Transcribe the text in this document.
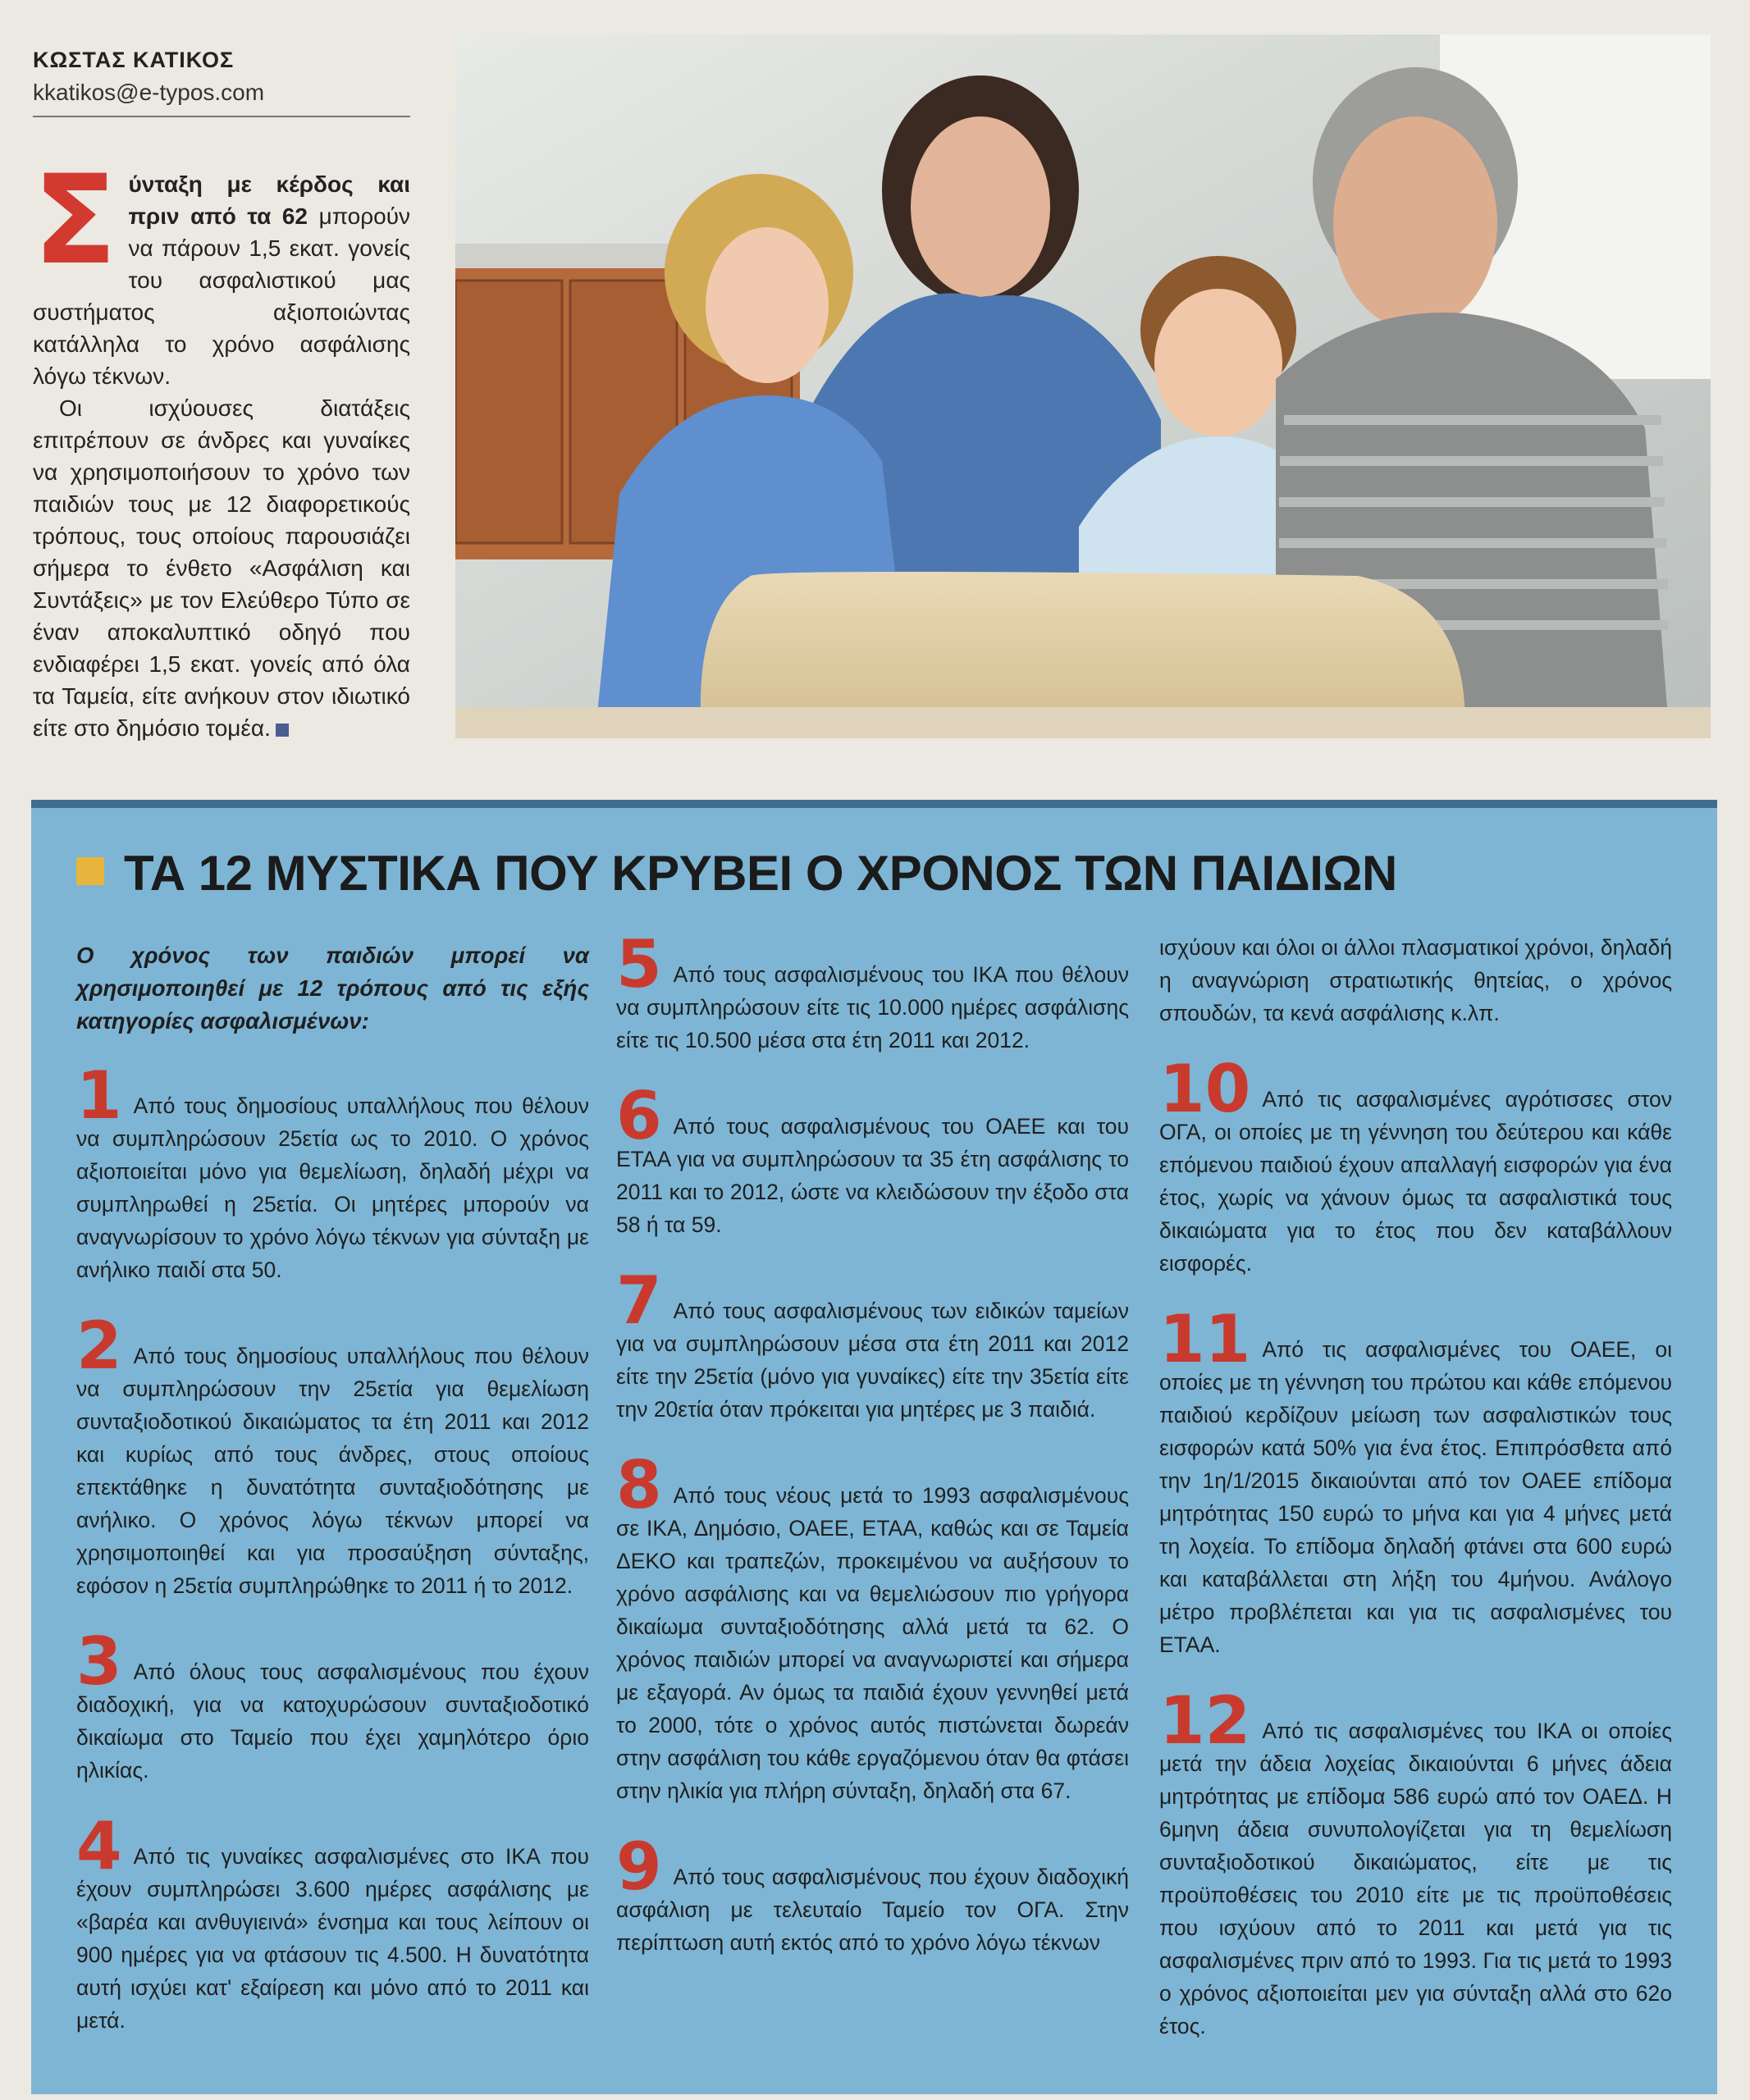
ΚΩΣΤΑΣ ΚΑΤΙΚΟΣ
kkatikos@e-typos.com
Σ ύνταξη με κέρδος και πριν από τα 62 μπορούν να πάρουν 1,5 εκατ. γονείς του ασφαλιστικού μας συστήματος αξιοποιώντας κατάλληλα το χρόνο ασφάλισης λόγω τέκνων.

Οι ισχύουσες διατάξεις επιτρέπουν σε άνδρες και γυναίκες να χρησιμοποιήσουν το χρόνο των παιδιών τους με 12 διαφορετικούς τρόπους, τους οποίους παρουσιάζει σήμερα το ένθετο «Ασφάλιση και Συντάξεις» με τον Ελεύθερο Τύπο σε έναν αποκαλυπτικό οδηγό που ενδιαφέρει 1,5 εκατ. γονείς από όλα τα Ταμεία, είτε ανήκουν στον ιδιωτικό είτε στο δημόσιο τομέα.

ΤΑ 12 ΜΥΣΤΙΚΑ ΠΟΥ ΚΡΥΒΕΙ Ο ΧΡΟΝΟΣ ΤΩΝ ΠΑΙΔΙΩΝ

Ο χρόνος των παιδιών μπορεί να χρησιμοποιηθεί με 12 τρόπους από τις εξής κατηγορίες ασφαλισμένων:

1 Από τους δημοσίους υπαλλήλους που θέλουν να συμπληρώσουν 25ετία ως το 2010. Ο χρόνος αξιοποιείται μόνο για θεμελίωση, δηλαδή μέχρι να συμπληρωθεί η 25ετία. Οι μητέρες μπορούν να αναγνωρίσουν το χρόνο λόγω τέκνων για σύνταξη με ανήλικο παιδί στα 50.
2 Από τους δημοσίους υπαλλήλους που θέλουν να συμπληρώσουν την 25ετία για θεμελίωση συνταξιοδοτικού δικαιώματος τα έτη 2011 και 2012 και κυρίως από τους άνδρες, στους οποίους επεκτάθηκε η δυνατότητα συνταξιοδότησης με ανήλικο. Ο χρόνος λόγω τέκνων μπορεί να χρησιμοποιηθεί και για προσαύξηση σύνταξης, εφόσον η 25ετία συμπληρώθηκε το 2011 ή το 2012.
3 Από όλους τους ασφαλισμένους που έχουν διαδοχική, για να κατοχυρώσουν συνταξιοδοτικό δικαίωμα στο Ταμείο που έχει χαμηλότερο όριο ηλικίας.
4 Από τις γυναίκες ασφαλισμένες στο ΙΚΑ που έχουν συμπληρώσει 3.600 ημέρες ασφάλισης με «βαρέα και ανθυγιεινά» ένσημα και τους λείπουν οι 900 ημέρες για να φτάσουν τις 4.500. Η δυνατότητα αυτή ισχύει κατ' εξαίρεση και μόνο από το 2011 και μετά.
5 Από τους ασφαλισμένους του ΙΚΑ που θέλουν να συμπληρώσουν είτε τις 10.000 ημέρες ασφάλισης είτε τις 10.500 μέσα στα έτη 2011 και 2012.
6 Από τους ασφαλισμένους του ΟΑΕΕ και του ΕΤΑΑ για να συμπληρώσουν τα 35 έτη ασφάλισης το 2011 και το 2012, ώστε να κλειδώσουν την έξοδο στα 58 ή τα 59.
7 Από τους ασφαλισμένους των ειδικών ταμείων για να συμπληρώσουν μέσα στα έτη 2011 και 2012 είτε την 25ετία (μόνο για γυναίκες) είτε την 35ετία είτε την 20ετία όταν πρόκειται για μητέρες με 3 παιδιά.
8 Από τους νέους μετά το 1993 ασφαλισμένους σε ΙΚΑ, Δημόσιο, ΟΑΕΕ, ΕΤΑΑ, καθώς και σε Ταμεία ΔΕΚΟ και τραπεζών, προκειμένου να αυξήσουν το χρόνο ασφάλισης και να θεμελιώσουν πιο γρήγορα δικαίωμα συνταξιοδότησης αλλά μετά τα 62. Ο χρόνος παιδιών μπορεί να αναγνωριστεί και σήμερα με εξαγορά. Αν όμως τα παιδιά έχουν γεννηθεί μετά το 2000, τότε ο χρόνος αυτός πιστώνεται δωρεάν στην ασφάλιση του κάθε εργαζόμενου όταν θα φτάσει στην ηλικία για πλήρη σύνταξη, δηλαδή στα 67.
9 Από τους ασφαλισμένους που έχουν διαδοχική ασφάλιση με τελευταίο Ταμείο τον ΟΓΑ. Στην περίπτωση αυτή εκτός από το χρόνο λόγω τέκνων
ισχύουν και όλοι οι άλλοι πλασματικοί χρόνοι, δηλαδή η αναγνώριση στρατιωτικής θητείας, ο χρόνος σπουδών, τα κενά ασφάλισης κ.λπ.
10 Από τις ασφαλισμένες αγρότισσες στον ΟΓΑ, οι οποίες με τη γέννηση του δεύτερου και κάθε επόμενου παιδιού έχουν απαλλαγή εισφορών για ένα έτος, χωρίς να χάνουν όμως τα ασφαλιστικά τους δικαιώματα για το έτος που δεν καταβάλλουν εισφορές.
11 Από τις ασφαλισμένες του ΟΑΕΕ, οι οποίες με τη γέννηση του πρώτου και κάθε επόμενου παιδιού κερδίζουν μείωση των ασφαλιστικών τους εισφορών κατά 50% για ένα έτος. Επιπρόσθετα από την 1η/1/2015 δικαιούνται από τον ΟΑΕΕ επίδομα μητρότητας 150 ευρώ το μήνα και για 4 μήνες μετά τη λοχεία. Το επίδομα δηλαδή φτάνει στα 600 ευρώ και καταβάλλεται στη λήξη του 4μήνου. Ανάλογο μέτρο προβλέπεται και για τις ασφαλισμένες του ΕΤΑΑ.
12 Από τις ασφαλισμένες του ΙΚΑ οι οποίες μετά την άδεια λοχείας δικαιούνται 6 μήνες άδεια μητρότητας με επίδομα 586 ευρώ από τον ΟΑΕΔ. Η 6μηνη άδεια συνυπολογίζεται για τη θεμελίωση συνταξιοδοτικού δικαιώματος, είτε με τις προϋποθέσεις του 2010 είτε με τις προϋποθέσεις που ισχύουν από το 2011 και μετά για τις ασφαλισμένες πριν από το 1993. Για τις μετά το 1993 ο χρόνος αξιοποιείται μεν για σύνταξη αλλά στο 62ο έτος.
